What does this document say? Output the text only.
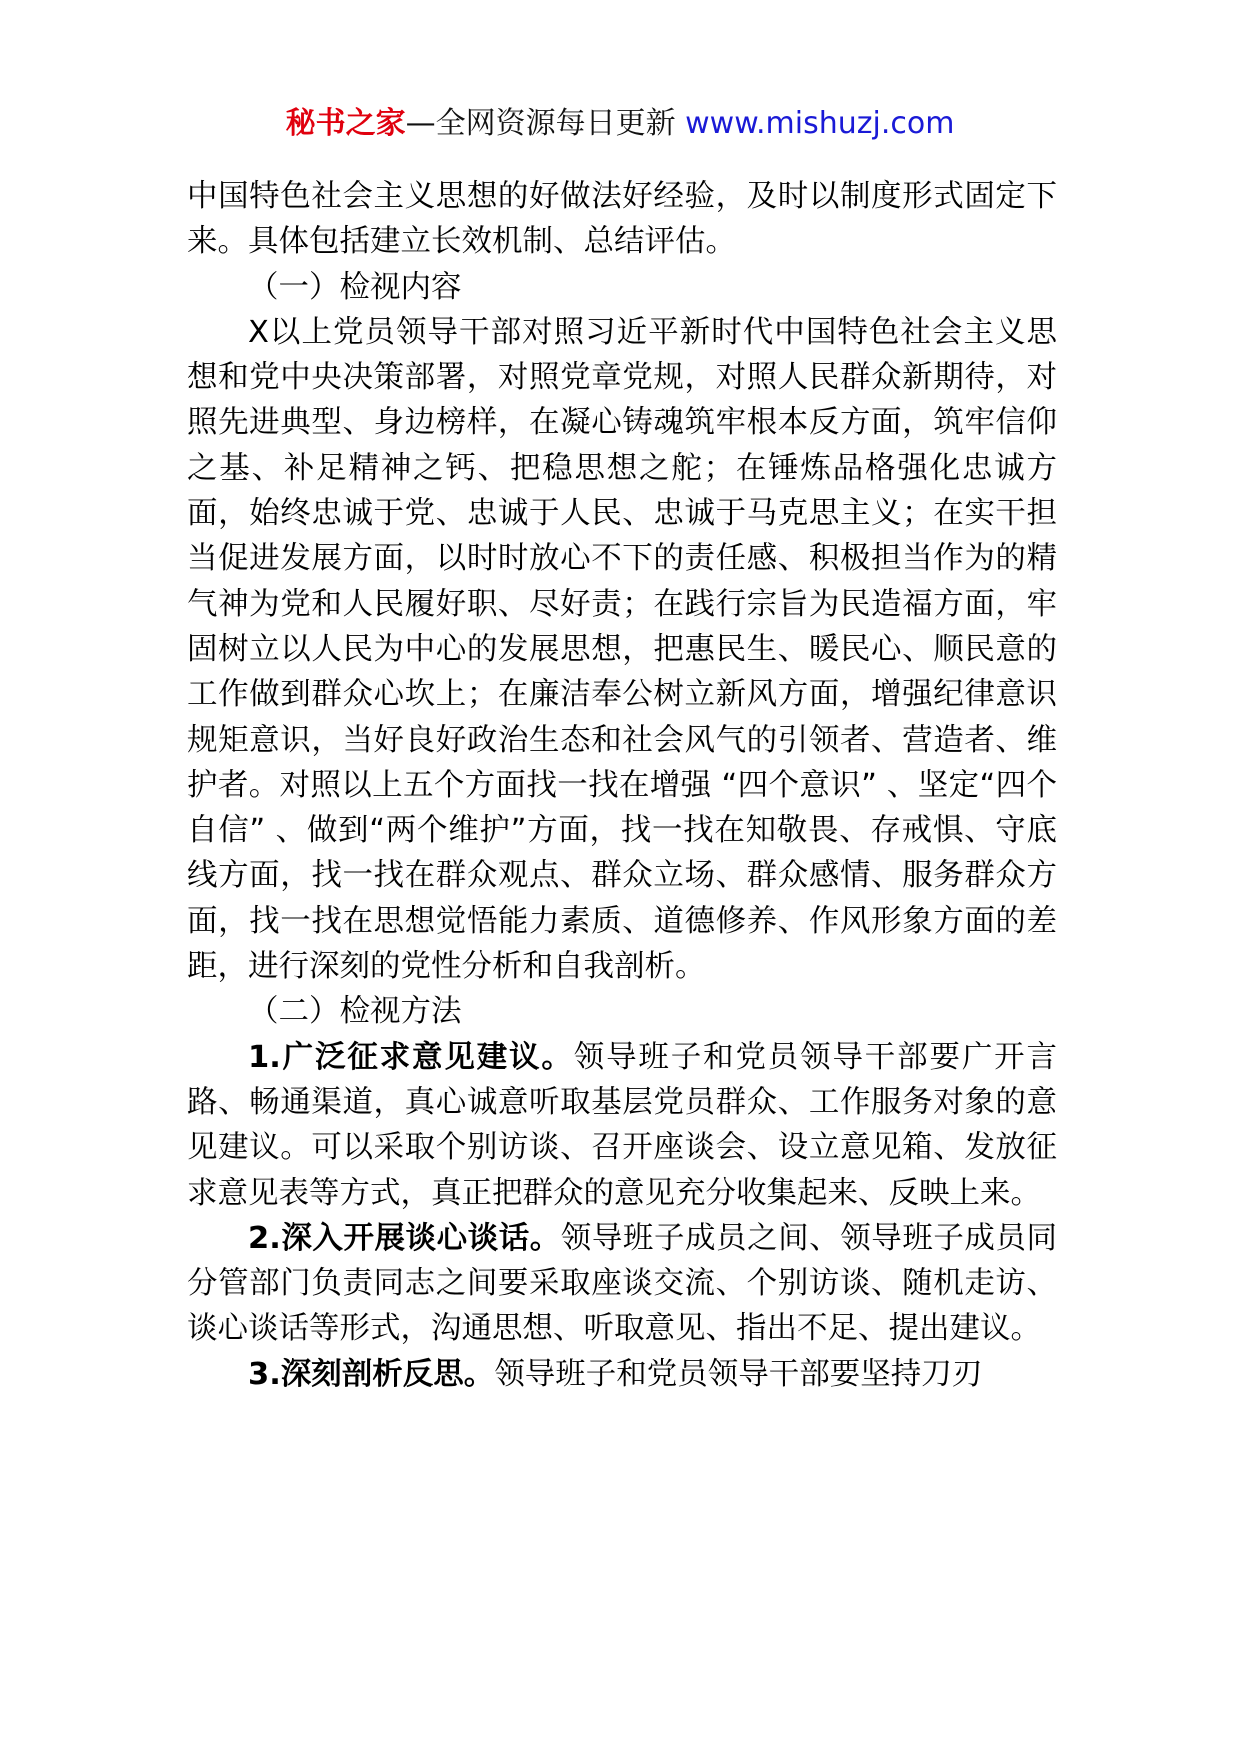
秘书之家—全网资源每日更新 www.mishuzj.com

中国特色社会主义思想的好做法好经验，及时以制度形式固定下来。具体包括建立长效机制、总结评估。

（一）检视内容

X以上党员领导干部对照习近平新时代中国特色社会主义思想和党中央决策部署，对照党章党规，对照人民群众新期待，对照先进典型、身边榜样，在凝心铸魂筑牢根本反方面，筑牢信仰之基、补足精神之钙、把稳思想之舵；在锤炼品格强化忠诚方面，始终忠诚于党、忠诚于人民、忠诚于马克思主义；在实干担当促进发展方面，以时时放心不下的责任感、积极担当作为的精气神为党和人民履好职、尽好责；在践行宗旨为民造福方面，牢固树立以人民为中心的发展思想，把惠民生、暖民心、顺民意的工作做到群众心坎上；在廉洁奉公树立新风方面，增强纪律意识规矩意识，当好良好政治生态和社会风气的引领者、营造者、维护者。对照以上五个方面找一找在增强 “四个意识” 、坚定“四个自信” 、做到“两个维护”方面，找一找在知敬畏、存戒惧、守底线方面，找一找在群众观点、群众立场、群众感情、服务群众方面，找一找在思想觉悟能力素质、道德修养、作风形象方面的差距，进行深刻的党性分析和自我剖析。

（二）检视方法

1.广泛征求意见建议。领导班子和党员领导干部要广开言路、畅通渠道，真心诚意听取基层党员群众、工作服务对象的意见建议。可以采取个别访谈、召开座谈会、设立意见箱、发放征求意见表等方式，真正把群众的意见充分收集起来、反映上来。

2.深入开展谈心谈话。领导班子成员之间、领导班子成员同分管部门负责同志之间要采取座谈交流、个别访谈、随机走访、谈心谈话等形式，沟通思想、听取意见、指出不足、提出建议。

3.深刻剖析反思。领导班子和党员领导干部要坚持刀刃
